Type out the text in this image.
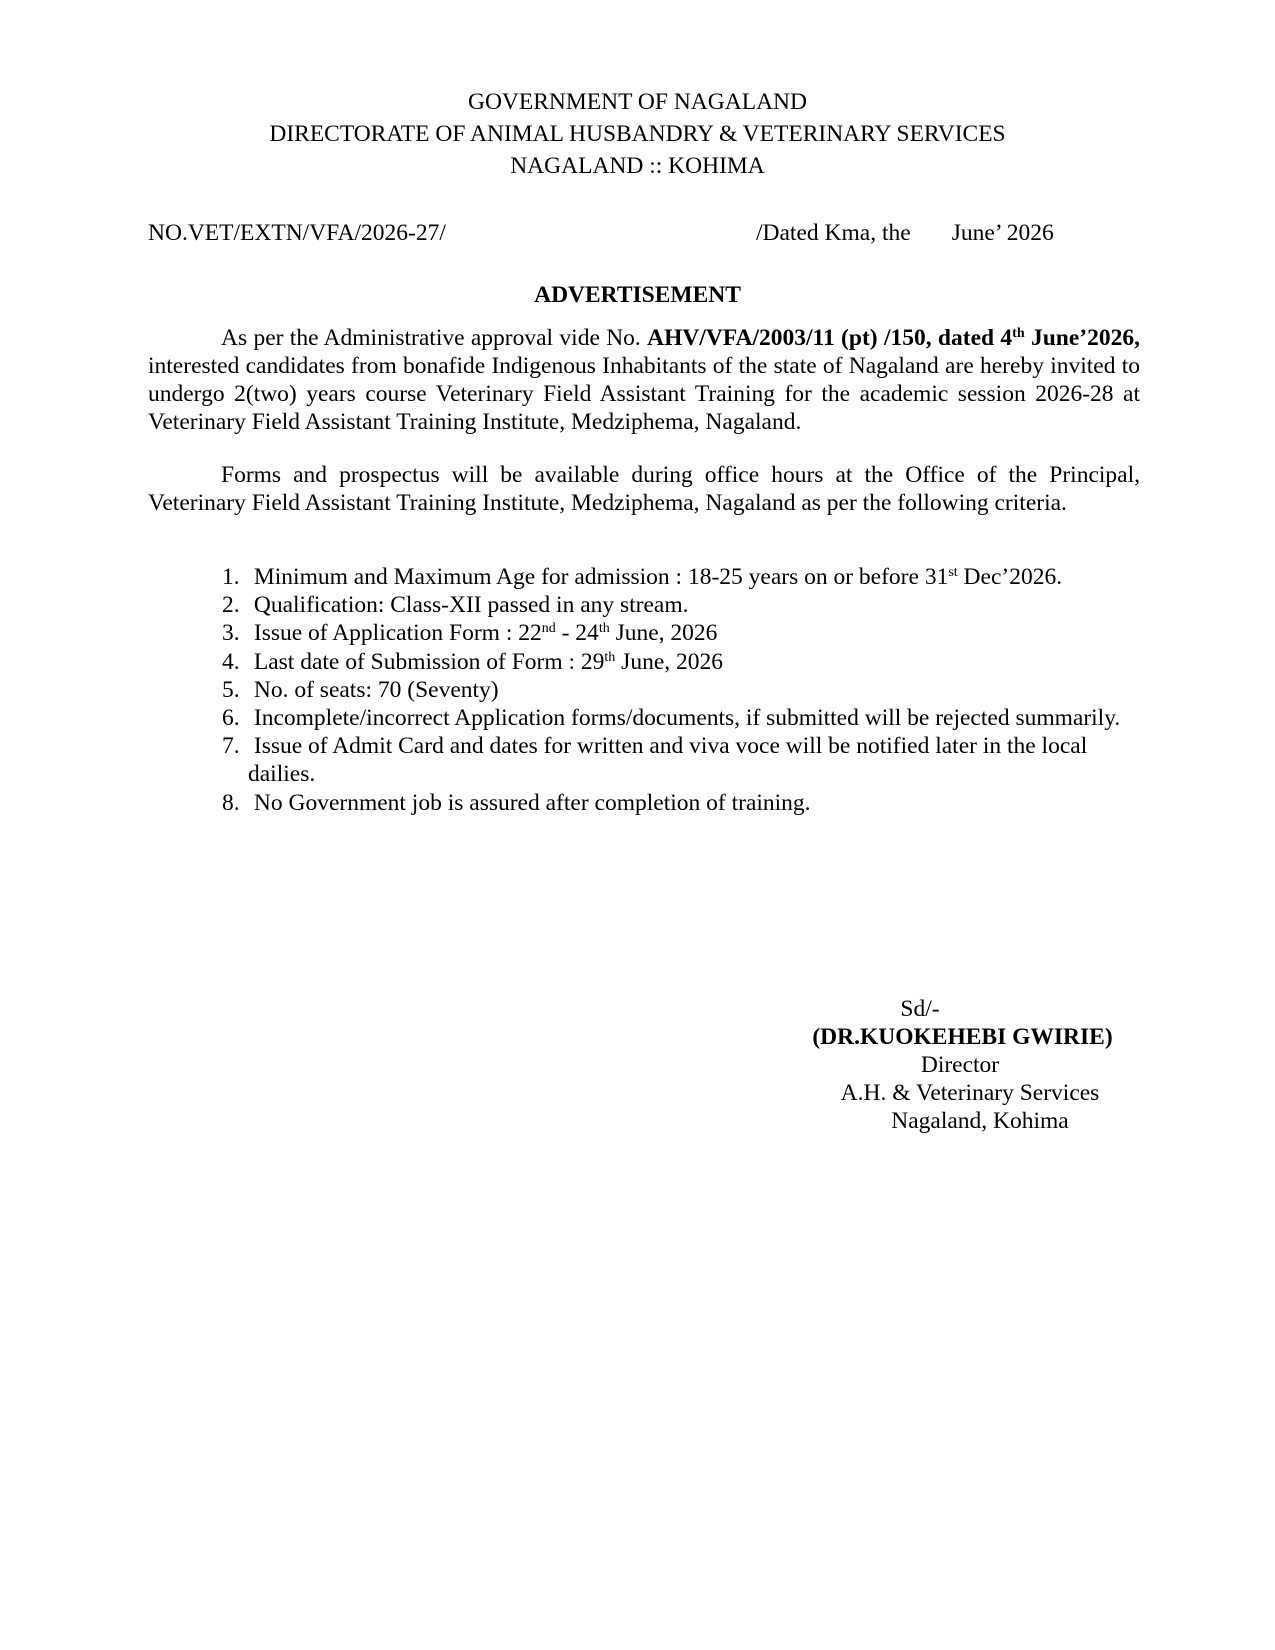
GOVERNMENT OF NAGALAND
DIRECTORATE OF ANIMAL HUSBANDRY & VETERINARY SERVICES
NAGALAND :: KOHIMA
NO.VET/EXTN/VFA/2026-27/	/Dated Kma, the       June’ 2026
ADVERTISEMENT
As per the Administrative approval vide No. AHV/VFA/2003/11 (pt) /150, dated 4th June’2026, interested candidates from bonafide Indigenous Inhabitants of the state of Nagaland are hereby invited to undergo 2(two) years course Veterinary Field Assistant Training for the academic session 2026-28 at Veterinary Field Assistant Training Institute, Medziphema, Nagaland.
Forms and prospectus will be available during office hours at the Office of the Principal, Veterinary Field Assistant Training Institute, Medziphema, Nagaland as per the following criteria.
1. Minimum and Maximum Age for admission : 18-25 years on or before 31st Dec’2026.
2. Qualification: Class-XII passed in any stream.
3. Issue of Application Form : 22nd - 24th June, 2026
4. Last date of Submission of Form : 29th June, 2026
5. No. of seats: 70 (Seventy)
6. Incomplete/incorrect Application forms/documents, if submitted will be rejected summarily.
7. Issue of Admit Card and dates for written and viva voce will be notified later in the local dailies.
8. No Government job is assured after completion of training.
Sd/-
(DR.KUOKEHEBI GWIRIE)
Director
A.H. & Veterinary Services
Nagaland, Kohima
